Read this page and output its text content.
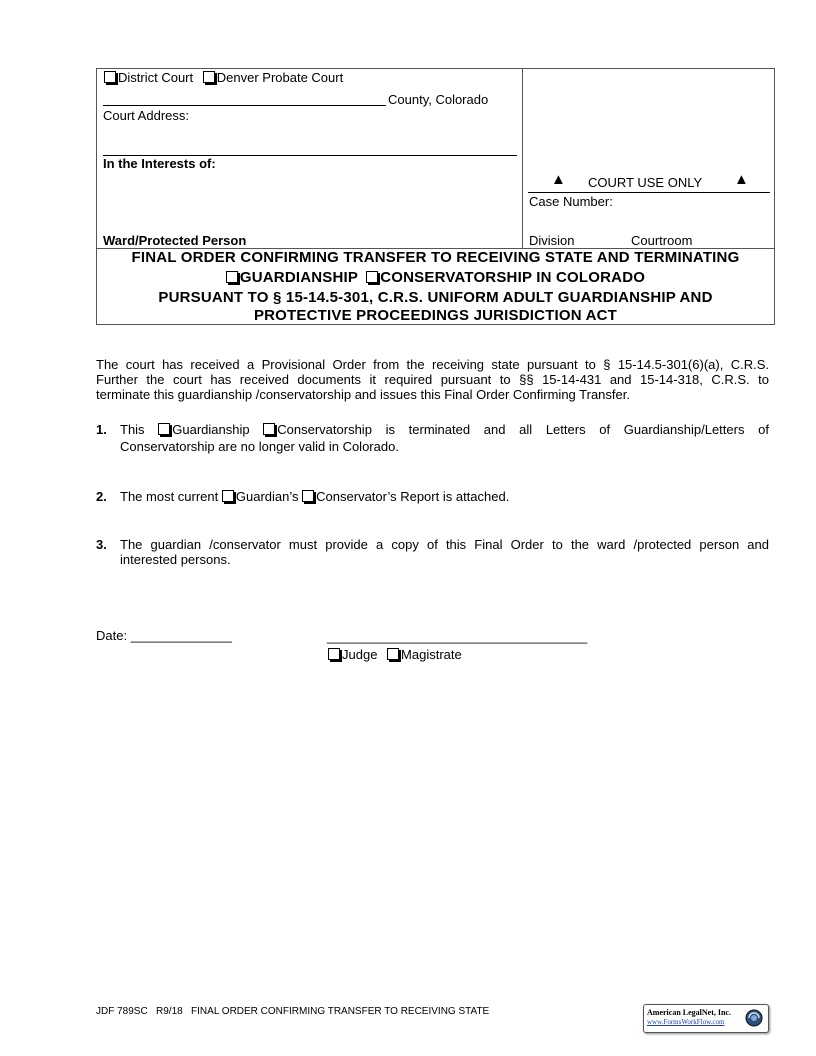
District Court Denver Probate Court
County, Colorado
Court Address:
In the Interests of:
Ward/Protected Person
▲ COURT USE ONLY ▲
Case Number:
Division	Courtroom
FINAL ORDER CONFIRMING TRANSFER TO RECEIVING STATE AND TERMINATING
GUARDIANSHIP CONSERVATORSHIP IN COLORADO
PURSUANT TO § 15-14.5-301, C.R.S. UNIFORM ADULT GUARDIANSHIP AND
PROTECTIVE PROCEEDINGS JURISDICTION ACT
The court has received a Provisional Order from the receiving state pursuant to § 15-14.5-301(6)(a), C.R.S.
Further the court has received documents it required pursuant to §§ 15-14-431 and 15-14-318, C.R.S. to
terminate this guardianship /conservatorship and issues this Final Order Confirming Transfer.
1. This Guardianship Conservatorship is terminated and all Letters of Guardianship/Letters of
Conservatorship are no longer valid in Colorado.
2. The most current Guardian’s Conservator’s Report is attached.
3. The guardian /conservator must provide a copy of this Final Order to the ward /protected person and
interested persons.
Date: ______________	____________________________________
Judge Magistrate
JDF 789SC   R9/18   FINAL ORDER CONFIRMING TRANSFER TO RECEIVING STATE	American LegalNet, Inc.
www.FormsWorkFlow.com
